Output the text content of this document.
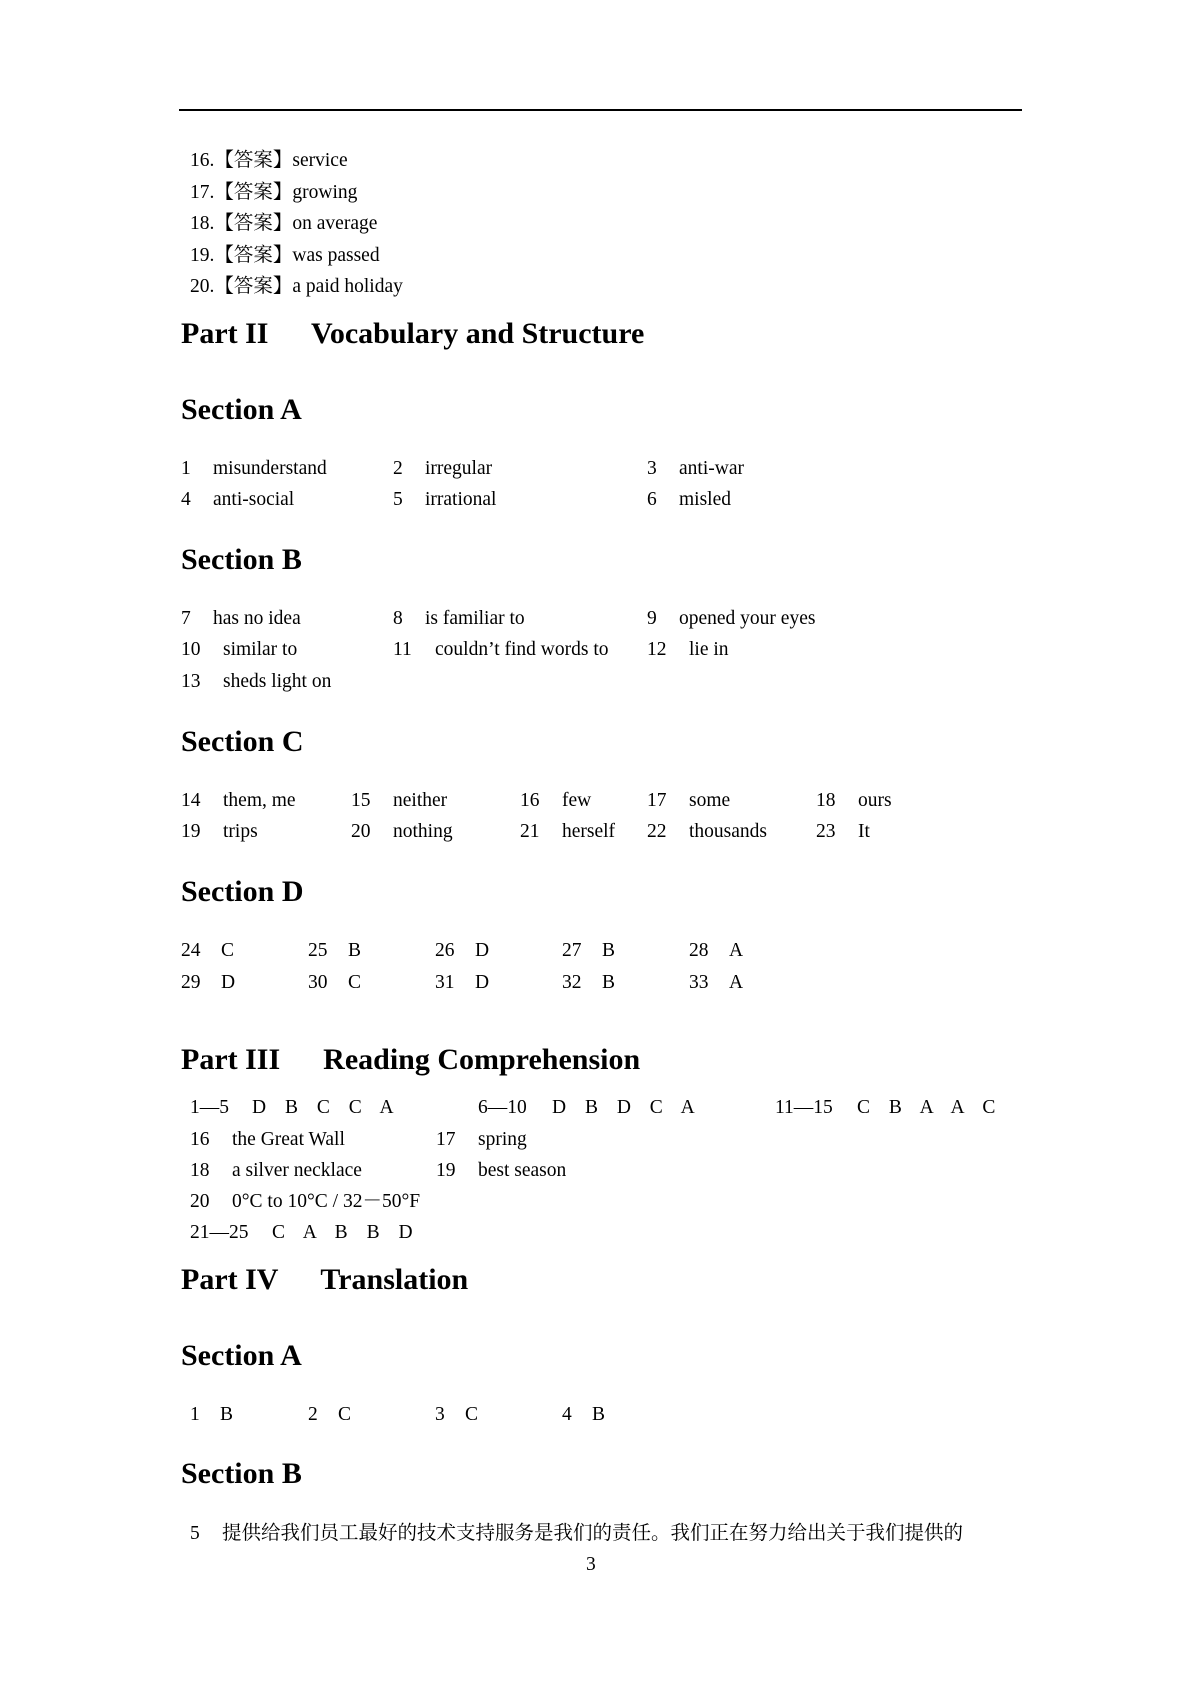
16.【答案】service
17.【答案】growing
18.【答案】on average
19.【答案】was passed
20.【答案】a paid holiday
Part II Vocabulary and Structure
Section A
1 misunderstand	2 irregular	3 anti-war
4 anti-social	5 irrational	6 misled
Section B
7 has no idea	8 is familiar to	9 opened your eyes
10 similar to	11 couldn’t find words to 12 lie in
13 sheds light on
Section C
14 them, me	15 neither	16 few	17 some	18 ours
19 trips	20 nothing	21 herself 22 thousands	23 It
Section D
24 C	25 B	26 D	27 B	28 A
29 D	30 C	31 D	32 B	33 A
Part III Reading Comprehension
1—5 D B C C A	6—10 D B D C A	11—15 C B A A C
16 the Great Wall	17 spring
18 a silver necklace	19 best season
20 0°C to 10°C / 32－50°F
21—25 C A B B D
Part IV Translation
Section A
1 B	2 C	3 C	4 B
Section B
5 提供给我们员工最好的技术支持服务是我们的责任。我们正在努力给出关于我们提供的
3
